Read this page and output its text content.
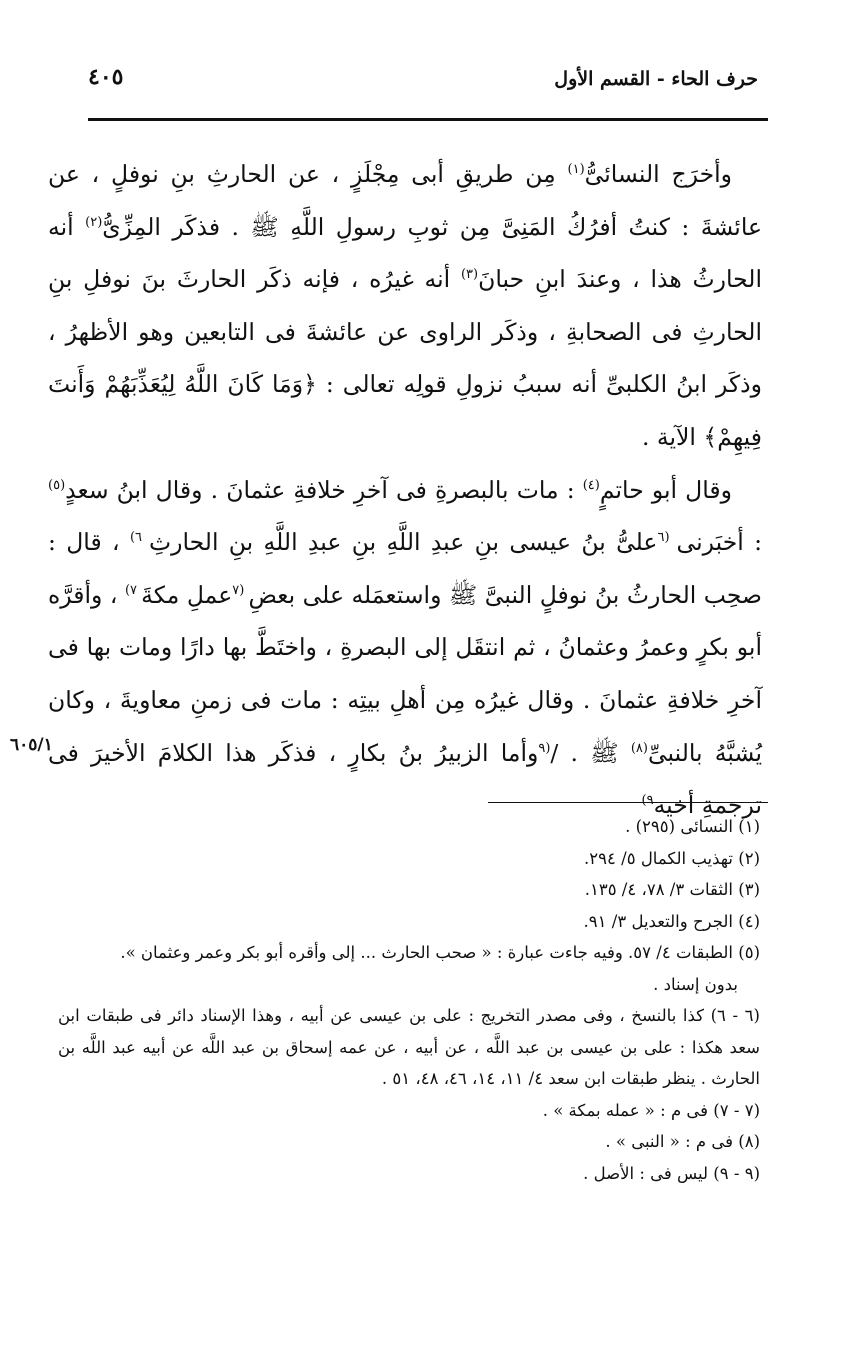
٤٠٥	حرف الحاء - القسم الأول

وأخرَج النسائىُّ$^{(١)}$ مِن طريقِ أبى مِجْلَزٍ ، عن الحارثِ بنِ نوفلٍ ، عن عائشةَ : كنتُ أفرُكُ المَنِىَّ مِن ثوبِ رسولِ اللَّهِ ﷺ . فذكَر المِزِّىُّ$^{(٢)}$ أنه الحارثُ هذا ، وعندَ ابنِ حبانَ$^{(٣)}$ أنه غيرُه ، فإنه ذكَر الحارثَ بنَ نوفلِ بنِ الحارثِ فى الصحابةِ ، وذكَر الراوى عن عائشةَ فى التابعين وهو الأظهرُ ، وذكَر ابنُ الكلبىِّ أنه سببُ نزولِ قولِه تعالى : ﴿وَمَا كَانَ اللَّهُ لِيُعَذِّبَهُمْ وَأَنتَ فِيهِمْ﴾ الآية .

وقال أبو حاتمٍ$^{(٤)}$ : مات بالبصرةِ فى آخرِ خلافةِ عثمانَ . وقال ابنُ سعدٍ$^{(٥)}$ : أخبَرنى $^{(٦}$علىُّ بنُ عيسى بنِ عبدِ اللَّهِ بنِ عبدِ اللَّهِ بنِ الحارثِ $^{٦)}$ ، قال : صحِب الحارثُ بنُ نوفلٍ النبىَّ ﷺ واستعمَله على بعضِ $^{(٧}$عملِ مكةَ $^{٧)}$ ، وأقرَّه أبو بكرٍ وعمرُ وعثمانُ ، ثم انتقَل إلى البصرةِ ، واختَطَّ بها دارًا ومات بها فى آخرِ خلافةِ عثمانَ . وقال غيرُه مِن أهلِ بيتِه : مات فى زمنِ معاويةَ ، وكان يُشبَّهُ بالنبىِّ$^{(٨)}$ ﷺ . /$^{(٩}$وأما الزبيرُ بنُ بكارٍ ، فذكَر هذا الكلامَ الأخيرَ فى ترجمةِ أخيه$^{٩)}$

٦٠٥/١
(١) النسائى (٢٩٥) .
(٢) تهذيب الكمال ٥/ ٢٩٤.
(٣) الثقات ٣/ ٧٨، ٤/ ١٣٥.
(٤) الجرح والتعديل ٣/ ٩١.
(٥) الطبقات ٤/ ٥٧. وفيه جاءت عبارة : « صحب الحارث ... إلى وأقره أبو بكر وعمر وعثمان ».
بدون إسناد .
(٦ - ٦) كذا بالنسخ ، وفى مصدر التخريج : على بن عيسى عن أبيه ، وهذا الإسناد دائر فى طبقات ابن سعد هكذا : على بن عيسى بن عبد اللَّه ، عن أبيه ، عن عمه إسحاق بن عبد اللَّه عن أبيه عبد اللَّه بن الحارث . ينظر طبقات ابن سعد ٤/ ١١، ١٤، ٤٦، ٤٨، ٥١ .
(٧ - ٧) فى م : « عمله بمكة » .
(٨) فى م : « النبى » .
(٩ - ٩) ليس فى : الأصل .
